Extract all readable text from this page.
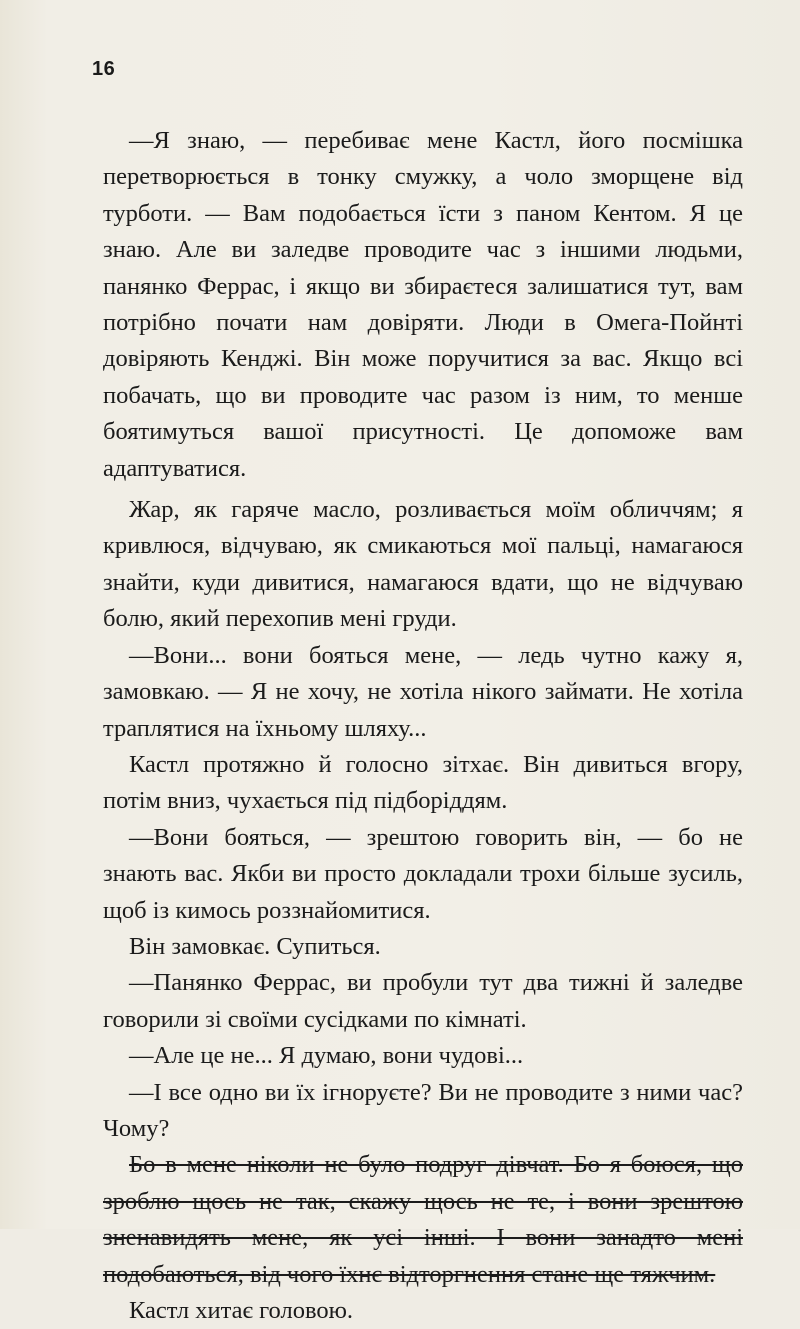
16

—Я знаю, — перебиває мене Кастл, його посмішка перетворюється в тонку смужку, а чоло зморщене від турботи. — Вам подобається їсти з паном Кентом. Я це знаю. Але ви заледве проводите час з іншими людьми, панянко Феррас, і якщо ви збираєтеся залишатися тут, вам потрібно почати нам довіряти. Люди в Омега-Пойнті довіряють Кенджі. Він може поручитися за вас. Якщо всі побачать, що ви проводите час разом із ним, то менше боятимуться вашої присутності. Це допоможе вам адаптуватися.

Жар, як гаряче масло, розливається моїм обличчям; я кривлюся, відчуваю, як смикаються мої пальці, намагаюся знайти, куди дивитися, намагаюся вдати, що не відчуваю болю, який перехопив мені груди.

—Вони... вони бояться мене, — ледь чутно кажу я, замовкаю. — Я не хочу, не хотіла нікого займати. Не хотіла траплятися на їхньому шляху...

Кастл протяжно й голосно зітхає. Він дивиться вгору, потім вниз, чухається під підборіддям.

—Вони бояться, — зрештою говорить він, — бо не знають вас. Якби ви просто докладали трохи більше зусиль, щоб із кимось роззнайомитися.

Він замовкає. Супиться.

—Панянко Феррас, ви пробули тут два тижні й заледве говорили зі своїми сусідками по кімнаті.

—Але це не... Я думаю, вони чудові...

—І все одно ви їх ігноруєте? Ви не проводите з ними час? Чому?

Бо в мене ніколи не було подруг дівчат. Бо я боюся, що зроблю щось не так, скажу щось не те, і вони зрештою зненавидять мене, як усі інші. І вони занадто мені подобаються, від чого їхнє відторгнення стане ще тяжчим.

Кастл хитає головою.
